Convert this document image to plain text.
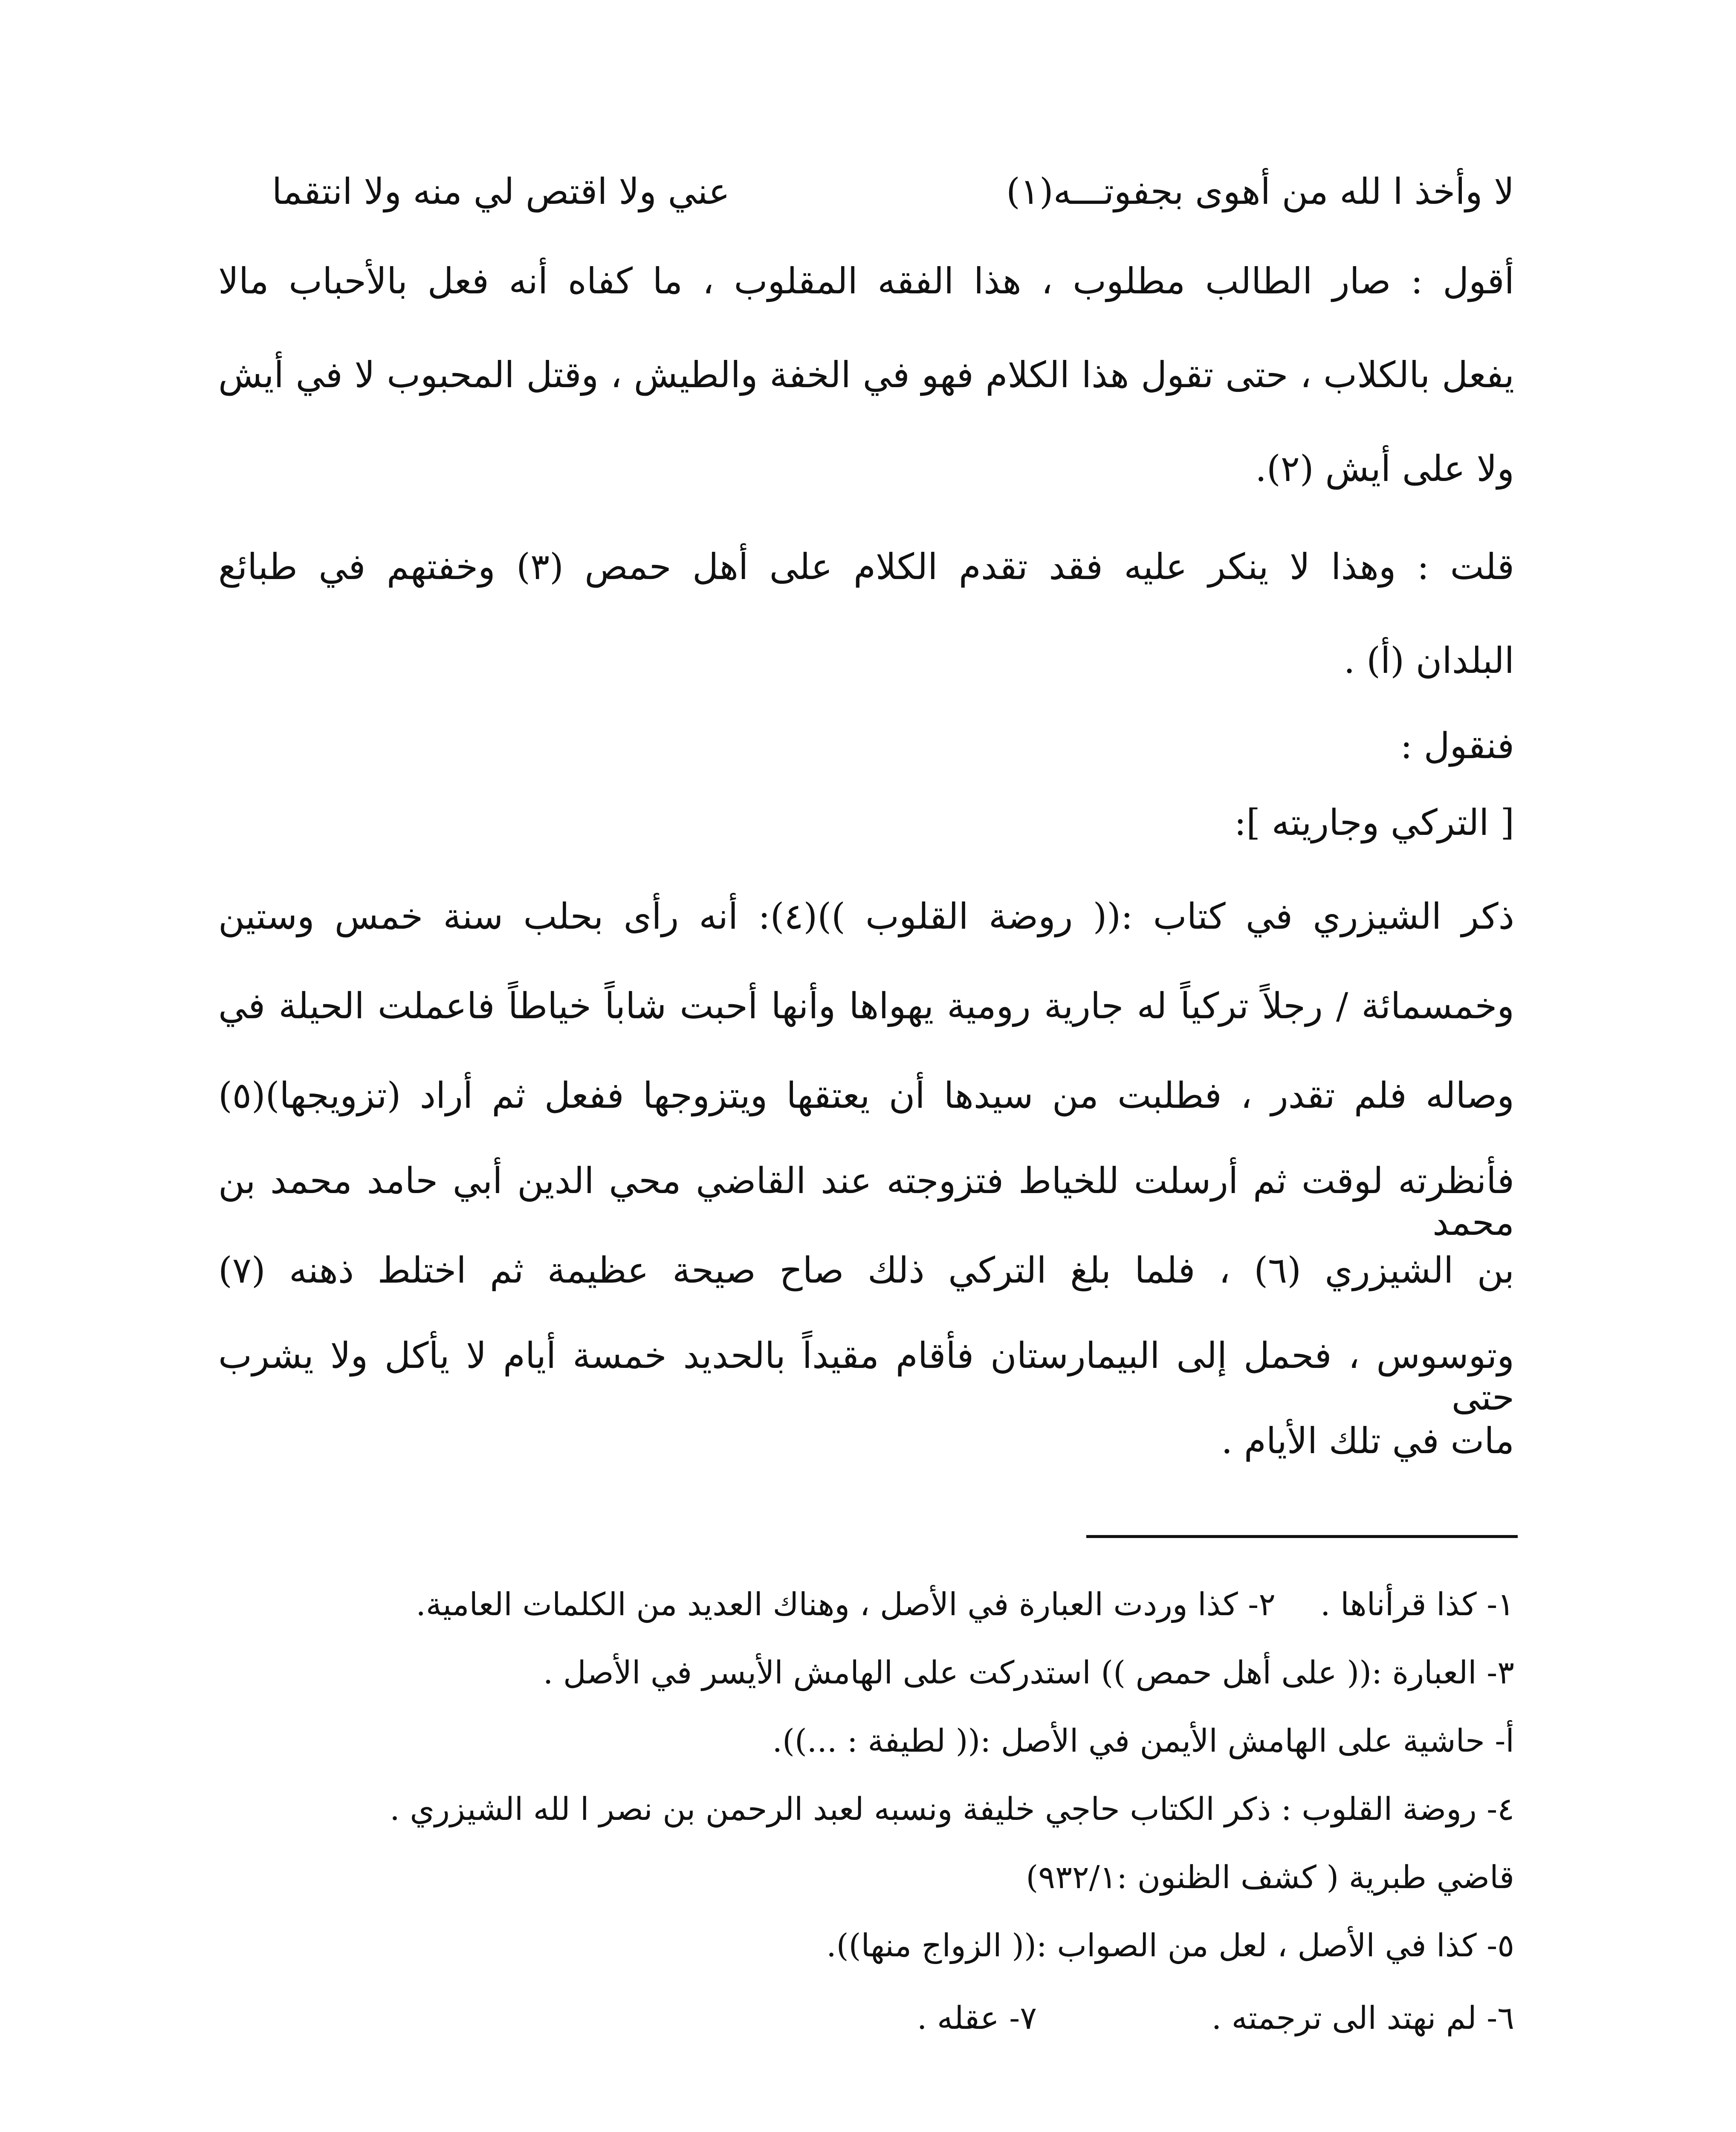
لا وأخذ ا لله من أهوى بجفوتـــه(١)
عني ولا اقتص لي منه ولا انتقما
أقول : صار الطالب مطلوب ، هذا الفقه المقلوب ، ما كفاه أنه فعل بالأحباب مالا
يفعل بالكلاب ، حتى تقول هذا الكلام فهو في الخفة والطيش ، وقتل المحبوب لا في أيش
ولا على أيش (٢).
قلت : وهذا لا ينكر عليه فقد تقدم الكلام على أهل حمص (٣) وخفتهم في طبائع
البلدان (أ) .
فنقول :
[ التركي وجاريته ]:
ذكر الشيزري في كتاب :(( روضة القلوب ))(٤): أنه رأى بحلب سنة خمس وستين
وخمسمائة / رجلاً تركياً له جارية رومية يهواها وأنها أحبت شاباً خياطاً فاعملت الحيلة في
وصاله فلم تقدر ، فطلبت من سيدها أن يعتقها ويتزوجها ففعل ثم أراد (تزويجها)(٥)
فأنظرته لوقت ثم أرسلت للخياط فتزوجته عند القاضي محي الدين أبي حامد محمد بن محمد
بن الشيزري (٦) ، فلما بلغ التركي ذلك صاح صيحة عظيمة ثم اختلط ذهنه (٧)
وتوسوس ، فحمل إلى البيمارستان فأقام مقيداً بالحديد خمسة أيام لا يأكل ولا يشرب حتى
مات في تلك الأيام .
١- كذا قرأناها .
٢- كذا وردت العبارة في الأصل ، وهناك العديد من الكلمات العامية.
٣- العبارة :(( على أهل حمص )) استدركت على الهامش الأيسر في الأصل .
أ- حاشية على الهامش الأيمن في الأصل :(( لطيفة : ...)).
٤- روضة القلوب : ذكر الكتاب حاجي خليفة ونسبه لعبد الرحمن بن نصر ا لله الشيزري .
قاضي طبرية ( كشف الظنون :٩٣٢/١)
٥- كذا في الأصل ، لعل من الصواب :(( الزواج منها)).
٦- لم نهتد الى ترجمته .
٧- عقله .
